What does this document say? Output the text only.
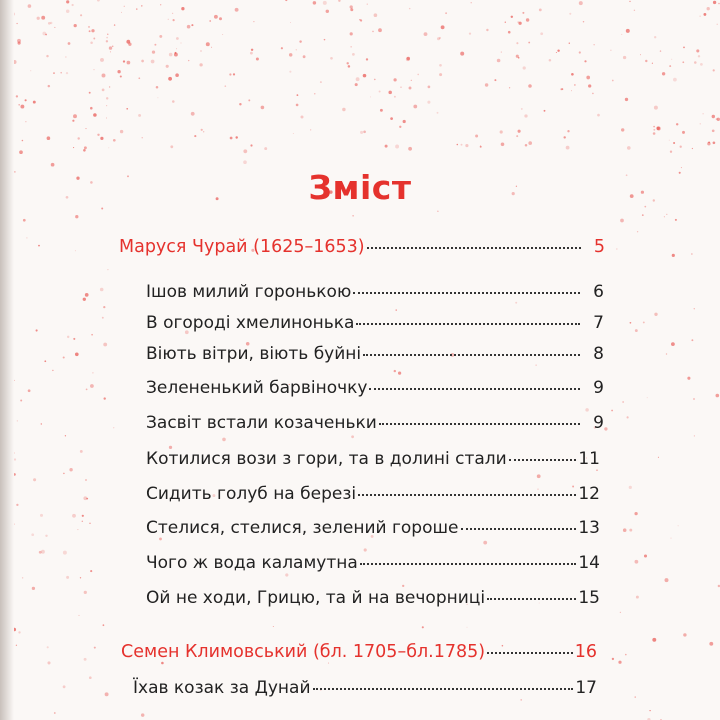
Зміст
Маруся Чурай (1625–1653)	5
Ішов милий горонькою	6
В огороді хмелинонька	7
Віють вітри, віють буйні	8
Зелененький барвіночку	9
Засвіт встали козаченьки	9
Котилися вози з гори, та в долині стали	11
Сидить голуб на березі	12
Стелися, стелися, зелений горошe	13
Чого ж вода каламутна	14
Ой не ходи, Грицю, та й на вечорниці	15
Семен Климовський (бл. 1705–бл.1785)	16
Їхав козак за Дунай	17
